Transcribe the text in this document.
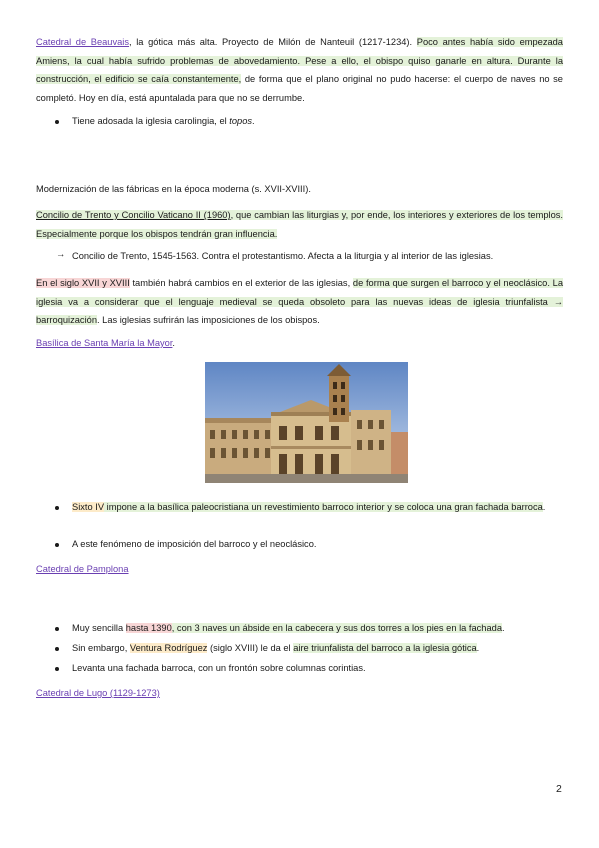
Catedral de Beauvais, la gótica más alta. Proyecto de Milón de Nanteuil (1217-1234). Poco antes había sido empezada Amiens, la cual había sufrido problemas de abovedamiento. Pese a ello, el obispo quiso ganarle en altura. Durante la construcción, el edificio se caía constantemente, de forma que el plano original no pudo hacerse: el cuerpo de naves no se completó. Hoy en día, está apuntalada para que no se derrumbe.

Tiene adosada la iglesia carolingia, el topos.

Modernización de las fábricas en la época moderna (s. XVII-XVIII).

Concilio de Trento y Concilio Vaticano II (1960), que cambian las liturgias y, por ende, los interiores y exteriores de los templos. Especialmente porque los obispos tendrán gran influencia.

→ Concilio de Trento, 1545-1563. Contra el protestantismo. Afecta a la liturgia y al interior de las iglesias.

En el siglo XVII y XVIII también habrá cambios en el exterior de las iglesias, de forma que surgen el barroco y el neoclásico. La iglesia va a considerar que el lenguaje medieval se queda obsoleto para las nuevas ideas de iglesia triunfalista → barroquización. Las iglesias sufrirán las imposiciones de los obispos.

Basílica de Santa María la Mayor.

Sixto IV impone a la basílica paleocristiana un revestimiento barroco interior y se coloca una gran fachada barroca.

A este fenómeno de imposición del barroco y el neoclásico.

Catedral de Pamplona

Muy sencilla hasta 1390, con 3 naves un ábside en la cabecera y sus dos torres a los pies en la fachada.

Sin embargo, Ventura Rodríguez (siglo XVIII) le da el aire triunfalista del barroco a la iglesia gótica.

Levanta una fachada barroca, con un frontón sobre columnas corintias.

Catedral de Lugo (1129-1273)

2
